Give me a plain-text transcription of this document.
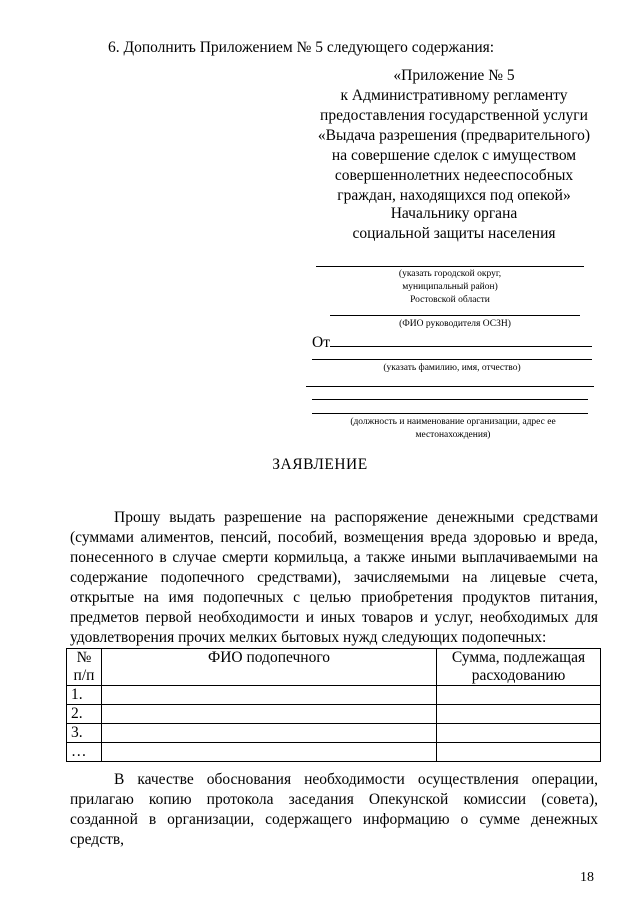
6. Дополнить Приложением № 5 следующего содержания:
«Приложение № 5
к Административному регламенту
предоставления государственной услуги
«Выдача разрешения (предварительного)
на совершение сделок с имуществом
совершеннолетних недееспособных
граждан, находящихся под опекой»
Начальнику органа
социальной защиты населения
(указать городской округ,
муниципальный район)
Ростовской области
(ФИО руководителя ОСЗН)
От
(указать фамилию, имя, отчество)
(должность и наименование организации, адрес ее
местонахождения)
ЗАЯВЛЕНИЕ
Прошу выдать разрешение на распоряжение денежными средствами (суммами алиментов, пенсий, пособий, возмещения вреда здоровью и вреда, понесенного в случае смерти кормильца, а также иными выплачиваемыми на содержание подопечного средствами), зачисляемыми на лицевые счета, открытые на имя подопечных с целью приобретения продуктов питания, предметов первой необходимости и иных товаров и услуг, необходимых для удовлетворения прочих мелких бытовых нужд следующих подопечных:
№ п/п	ФИО подопечного	Сумма, подлежащая расходованию
1.		
2.		
3.		
…		
В качестве обоснования необходимости осуществления операции, прилагаю копию протокола заседания Опекунской комиссии (совета), созданной в организации, содержащего информацию о сумме денежных средств,
18
